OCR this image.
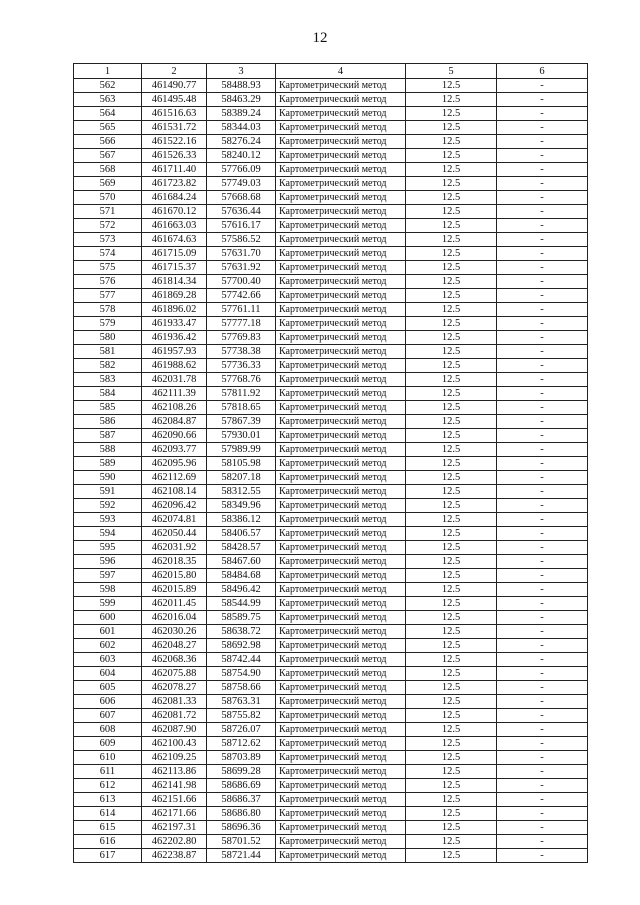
12
1	2	3	4	5	6
562	461490.77	58488.93	Картометрический метод	12.5	-
563	461495.48	58463.29	Картометрический метод	12.5	-
564	461516.63	58389.24	Картометрический метод	12.5	-
565	461531.72	58344.03	Картометрический метод	12.5	-
566	461522.16	58276.24	Картометрический метод	12.5	-
567	461526.33	58240.12	Картометрический метод	12.5	-
568	461711.40	57766.09	Картометрический метод	12.5	-
569	461723.82	57749.03	Картометрический метод	12.5	-
570	461684.24	57668.68	Картометрический метод	12.5	-
571	461670.12	57636.44	Картометрический метод	12.5	-
572	461663.03	57616.17	Картометрический метод	12.5	-
573	461674.63	57586.52	Картометрический метод	12.5	-
574	461715.09	57631.70	Картометрический метод	12.5	-
575	461715.37	57631.92	Картометрический метод	12.5	-
576	461814.34	57700.40	Картометрический метод	12.5	-
577	461869.28	57742.66	Картометрический метод	12.5	-
578	461896.02	57761.11	Картометрический метод	12.5	-
579	461933.47	57777.18	Картометрический метод	12.5	-
580	461936.42	57769.83	Картометрический метод	12.5	-
581	461957.93	57738.38	Картометрический метод	12.5	-
582	461988.62	57736.33	Картометрический метод	12.5	-
583	462031.78	57768.76	Картометрический метод	12.5	-
584	462111.39	57811.92	Картометрический метод	12.5	-
585	462108.26	57818.65	Картометрический метод	12.5	-
586	462084.87	57867.39	Картометрический метод	12.5	-
587	462090.66	57930.01	Картометрический метод	12.5	-
588	462093.77	57989.99	Картометрический метод	12.5	-
589	462095.96	58105.98	Картометрический метод	12.5	-
590	462112.69	58207.18	Картометрический метод	12.5	-
591	462108.14	58312.55	Картометрический метод	12.5	-
592	462096.42	58349.96	Картометрический метод	12.5	-
593	462074.81	58386.12	Картометрический метод	12.5	-
594	462050.44	58406.57	Картометрический метод	12.5	-
595	462031.92	58428.57	Картометрический метод	12.5	-
596	462018.35	58467.60	Картометрический метод	12.5	-
597	462015.80	58484.68	Картометрический метод	12.5	-
598	462015.89	58496.42	Картометрический метод	12.5	-
599	462011.45	58544.99	Картометрический метод	12.5	-
600	462016.04	58589.75	Картометрический метод	12.5	-
601	462030.26	58638.72	Картометрический метод	12.5	-
602	462048.27	58692.98	Картометрический метод	12.5	-
603	462068.36	58742.44	Картометрический метод	12.5	-
604	462075.88	58754.90	Картометрический метод	12.5	-
605	462078.27	58758.66	Картометрический метод	12.5	-
606	462081.33	58763.31	Картометрический метод	12.5	-
607	462081.72	58755.82	Картометрический метод	12.5	-
608	462087.90	58726.07	Картометрический метод	12.5	-
609	462100.43	58712.62	Картометрический метод	12.5	-
610	462109.25	58703.89	Картометрический метод	12.5	-
611	462113.86	58699.28	Картометрический метод	12.5	-
612	462141.98	58686.69	Картометрический метод	12.5	-
613	462151.66	58686.37	Картометрический метод	12.5	-
614	462171.66	58686.80	Картометрический метод	12.5	-
615	462197.31	58696.36	Картометрический метод	12.5	-
616	462202.80	58701.52	Картометрический метод	12.5	-
617	462238.87	58721.44	Картометрический метод	12.5	-
